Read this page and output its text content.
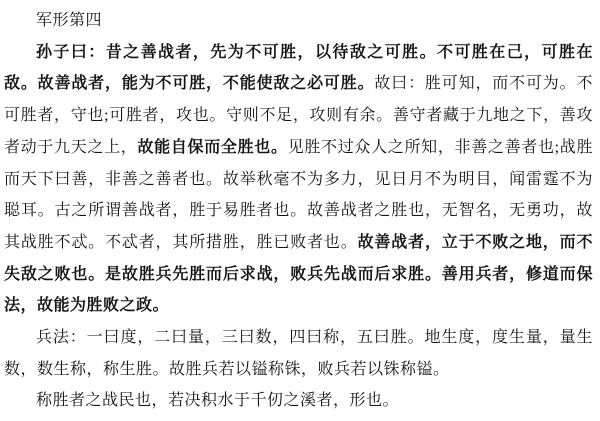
军形第四

孙子曰：昔之善战者，先为不可胜，以待敌之可胜。不可胜在己，可胜在敌。故善战者，能为不可胜，不能使敌之必可胜。故曰：胜可知，而不可为。不可胜者，守也;可胜者，攻也。守则不足，攻则有余。善守者藏于九地之下，善攻者动于九天之上，故能自保而全胜也。见胜不过众人之所知，非善之善者也;战胜而天下曰善，非善之善者也。故举秋毫不为多力，见日月不为明目，闻雷霆不为聪耳。古之所谓善战者，胜于易胜者也。故善战者之胜也，无智名，无勇功，故其战胜不忒。不忒者，其所措胜，胜已败者也。故善战者，立于不败之地，而不失敌之败也。是故胜兵先胜而后求战，败兵先战而后求胜。善用兵者，修道而保法，故能为胜败之政。

兵法：一曰度，二曰量，三曰数，四曰称，五曰胜。地生度，度生量，量生数，数生称，称生胜。故胜兵若以镒称铢，败兵若以铢称镒。

称胜者之战民也，若决积水于千仞之溪者，形也。
